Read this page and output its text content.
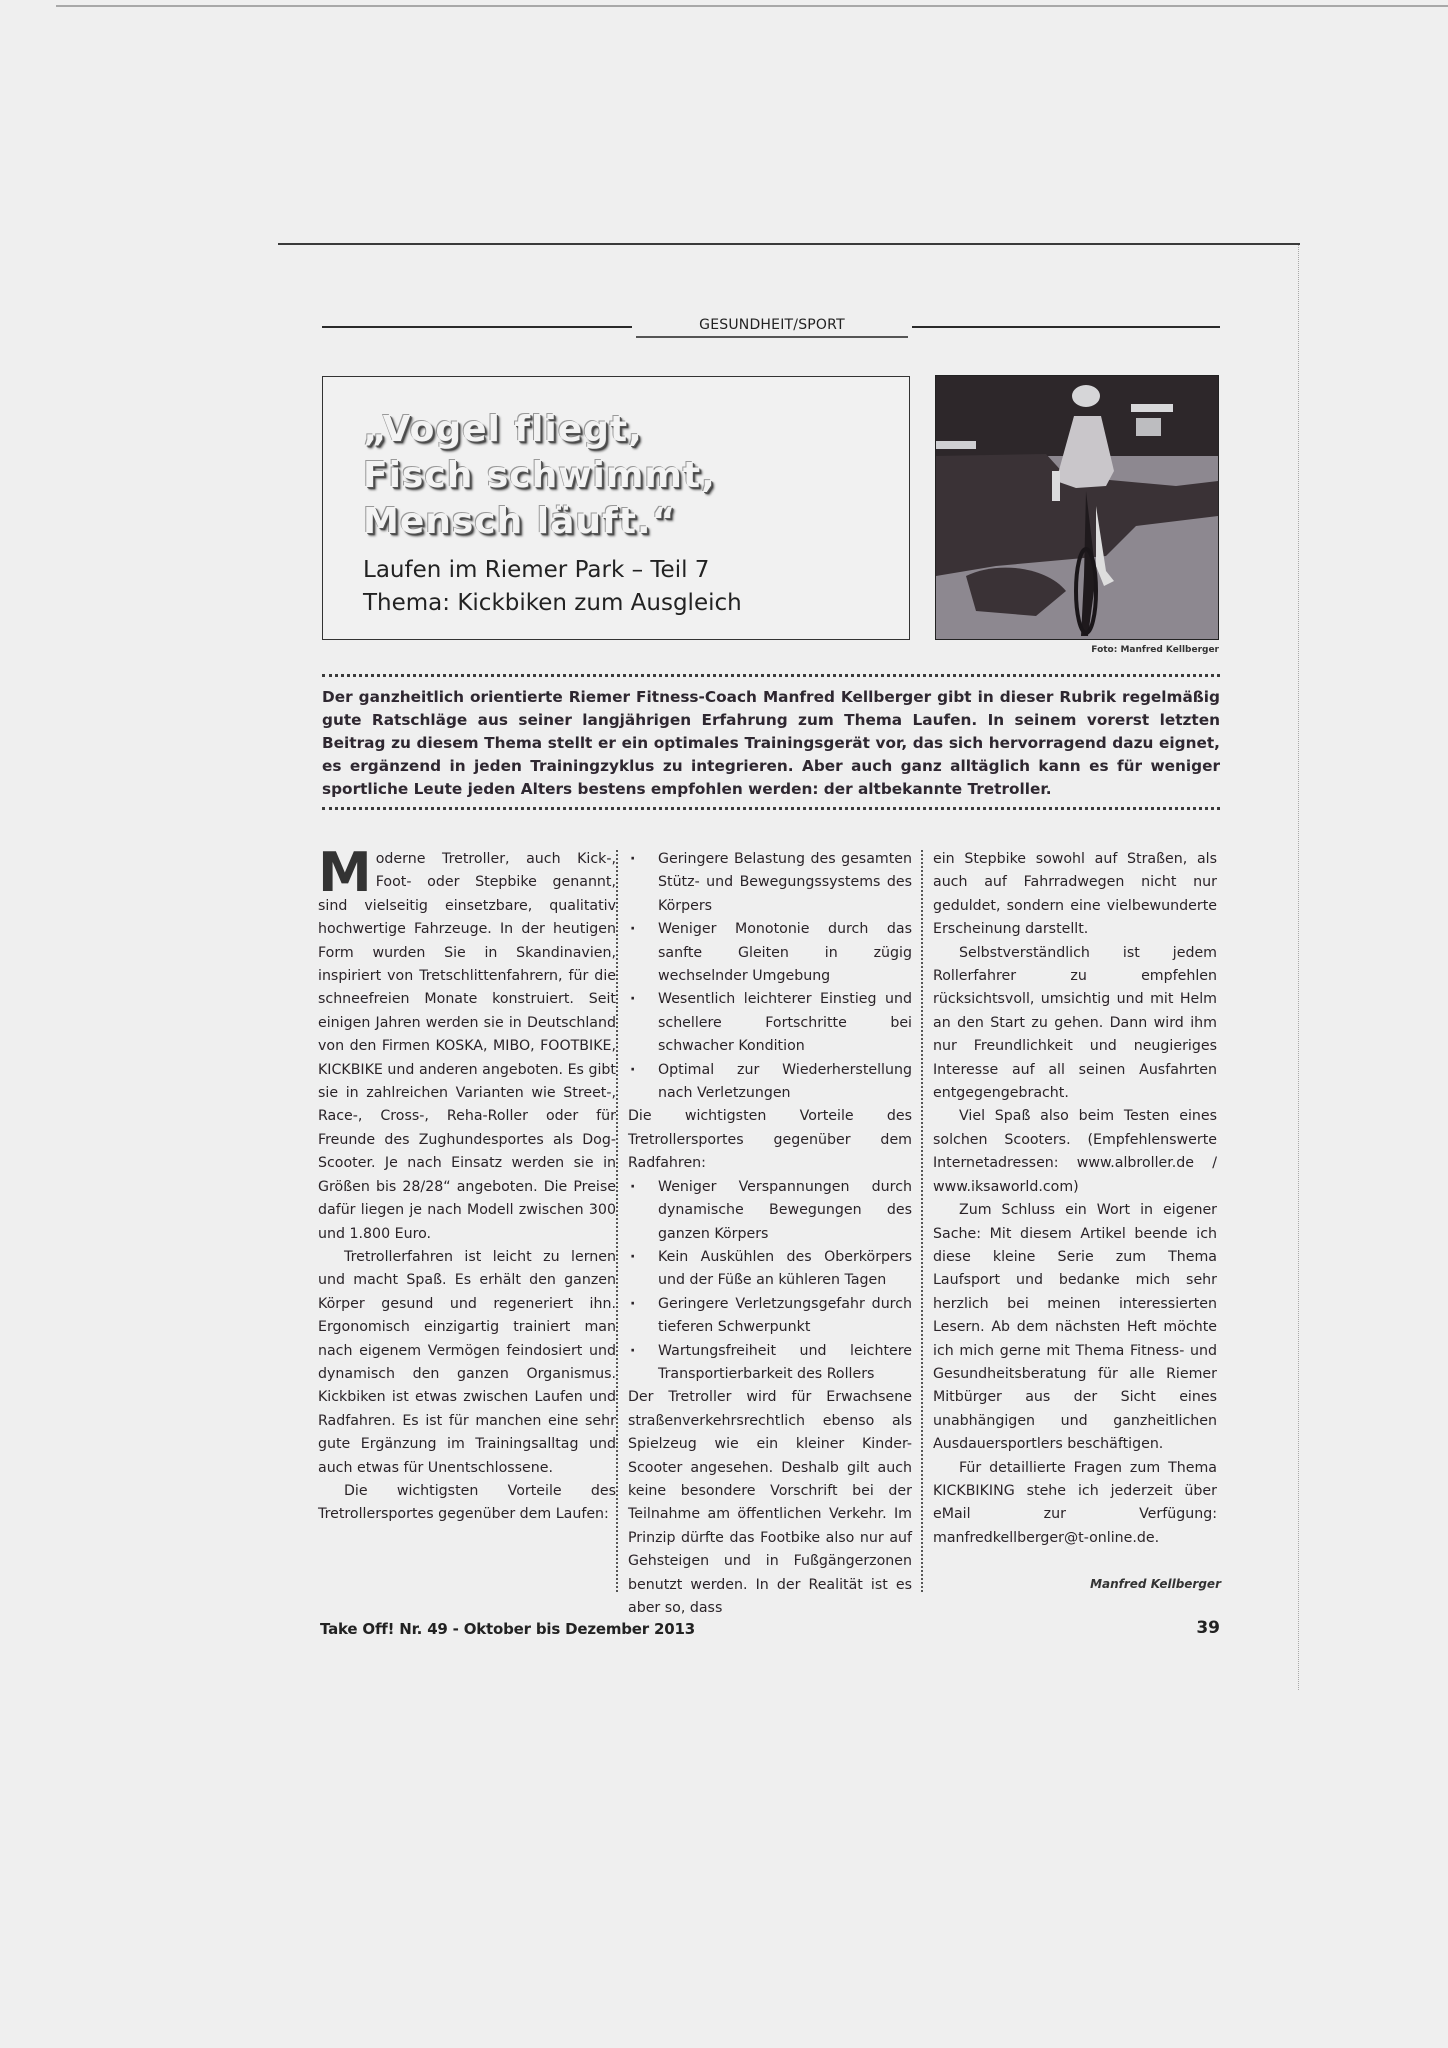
GESUNDHEIT/SPORT
„Vogel fliegt,
Fisch schwimmt,
Mensch läuft.“
Laufen im Riemer Park – Teil 7
Thema: Kickbiken zum Ausgleich
Foto: Manfred Kellberger
Der ganzheitlich orientierte Riemer Fitness-Coach Manfred Kellberger gibt in dieser Rubrik regelmäßig gute Ratschläge aus seiner langjährigen Erfahrung zum Thema Laufen. In seinem vorerst letzten Beitrag zu diesem Thema stellt er ein optimales Trainingsgerät vor, das sich hervorragend dazu eignet, es ergänzend in jeden Trainingzyklus zu integrieren. Aber auch ganz alltäglich kann es für weniger sportliche Leute jeden Alters bestens empfohlen werden: der altbekannte Tretroller.

Moderne Tretroller, auch Kick-, Foot- oder Stepbike genannt, sind vielseitig einsetzbare, qualitativ hochwertige Fahrzeuge. In der heutigen Form wurden Sie in Skandinavien, inspiriert von Tretschlittenfahrern, für die schneefreien Monate konstruiert. Seit einigen Jahren werden sie in Deutschland von den Firmen KOSKA, MIBO, FOOTBIKE, KICKBIKE und anderen angeboten. Es gibt sie in zahlreichen Varianten wie Street-, Race-, Cross-, Reha-Roller oder für Freunde des Zughundesportes als Dog-Scooter. Je nach Einsatz werden sie in Größen bis 28/28“ angeboten. Die Preise dafür liegen je nach Modell zwischen 300 und 1.800 Euro.

Tretrollerfahren ist leicht zu lernen und macht Spaß. Es erhält den ganzen Körper gesund und regeneriert ihn. Ergonomisch einzigartig trainiert man nach eigenem Vermögen feindosiert und dynamisch den ganzen Organismus. Kickbiken ist etwas zwischen Laufen und Radfahren. Es ist für manchen eine sehr gute Ergänzung im Trainingsalltag und auch etwas für Unentschlossene.

Die wichtigsten Vorteile des Tretrollersportes gegenüber dem Laufen:

· Geringere Belastung des gesamten Stütz- und Bewegungssystems des Körpers
· Weniger Monotonie durch das sanfte Gleiten in zügig wechselnder Umgebung
· Wesentlich leichterer Einstieg und schellere Fortschritte bei schwacher Kondition
· Optimal zur Wiederherstellung nach Verletzungen

Die wichtigsten Vorteile des Tretrollersportes gegenüber dem Radfahren:

· Weniger Verspannungen durch dynamische Bewegungen des ganzen Körpers
· Kein Auskühlen des Oberkörpers und der Füße an kühleren Tagen
· Geringere Verletzungsgefahr durch tieferen Schwerpunkt
· Wartungsfreiheit und leichtere Transportierbarkeit des Rollers

Der Tretroller wird für Erwachsene straßenverkehrsrechtlich ebenso als Spielzeug wie ein kleiner Kinder-Scooter angesehen. Deshalb gilt auch keine besondere Vorschrift bei der Teilnahme am öffentlichen Verkehr. Im Prinzip dürfte das Footbike also nur auf Gehsteigen und in Fußgängerzonen benutzt werden. In der Realität ist es aber so, dass

ein Stepbike sowohl auf Straßen, als auch auf Fahrradwegen nicht nur geduldet, sondern eine vielbewunderte Erscheinung darstellt.

Selbstverständlich ist jedem Rollerfahrer zu empfehlen rücksichtsvoll, umsichtig und mit Helm an den Start zu gehen. Dann wird ihm nur Freundlichkeit und neugieriges Interesse auf all seinen Ausfahrten entgegengebracht.

Viel Spaß also beim Testen eines solchen Scooters. (Empfehlenswerte Internetadressen: www.albroller.de / www.iksaworld.com)

Zum Schluss ein Wort in eigener Sache: Mit diesem Artikel beende ich diese kleine Serie zum Thema Laufsport und bedanke mich sehr herzlich bei meinen interessierten Lesern. Ab dem nächsten Heft möchte ich mich gerne mit Thema Fitness- und Gesundheitsberatung für alle Riemer Mitbürger aus der Sicht eines unabhängigen und ganzheitlichen Ausdauersportlers beschäftigen.

Für detaillierte Fragen zum Thema KICKBIKING stehe ich jederzeit über eMail zur Verfügung: manfredkellberger@t-online.de.

Manfred Kellberger
Take Off! Nr. 49 - Oktober bis Dezember 2013	39
